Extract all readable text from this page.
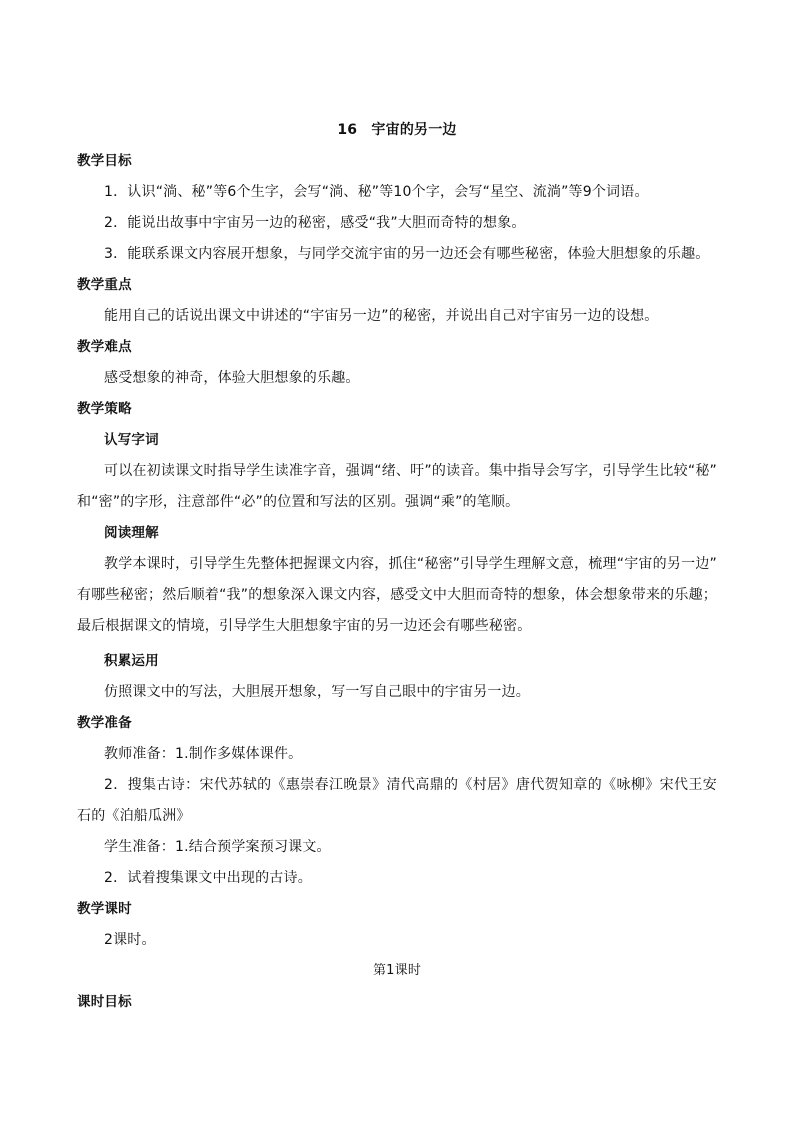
16　宇宙的另一边
教学目标
1．认识“淌、秘”等6个生字，会写“淌、秘”等10个字，会写“星空、流淌”等9个词语。
2．能说出故事中宇宙另一边的秘密，感受“我”大胆而奇特的想象。
3．能联系课文内容展开想象，与同学交流宇宙的另一边还会有哪些秘密，体验大胆想象的乐趣。
教学重点
能用自己的话说出课文中讲述的“宇宙另一边”的秘密，并说出自己对宇宙另一边的设想。
教学难点
感受想象的神奇，体验大胆想象的乐趣。
教学策略
认写字词
可以在初读课文时指导学生读准字音，强调“绪、吁”的读音。集中指导会写字，引导学生比较“秘”
和“密”的字形，注意部件“必”的位置和写法的区别。强调“乘”的笔顺。
阅读理解
教学本课时，引导学生先整体把握课文内容，抓住“秘密”引导学生理解文意，梳理“宇宙的另一边”
有哪些秘密；然后顺着“我”的想象深入课文内容，感受文中大胆而奇特的想象，体会想象带来的乐趣；
最后根据课文的情境，引导学生大胆想象宇宙的另一边还会有哪些秘密。
积累运用
仿照课文中的写法，大胆展开想象，写一写自己眼中的宇宙另一边。
教学准备
教师准备：1.制作多媒体课件。
2．搜集古诗：宋代苏轼的《惠崇春江晚景》清代高鼎的《村居》唐代贺知章的《咏柳》宋代王安
石的《泊船瓜洲》
学生准备：1.结合预学案预习课文。
2．试着搜集课文中出现的古诗。
教学课时
2课时。
第1课时
课时目标
